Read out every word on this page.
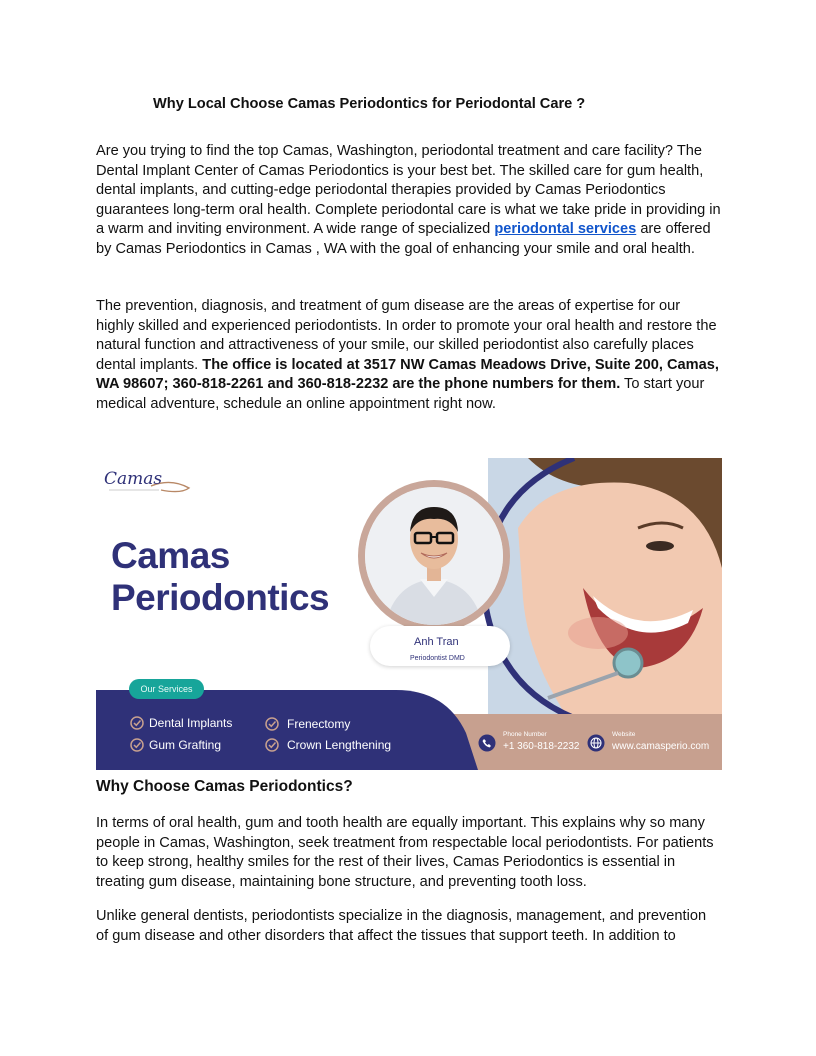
Why Local Choose Camas Periodontics for Periodontal Care ?

Are you trying to find the top Camas, Washington, periodontal treatment and care facility? The Dental Implant Center of Camas Periodontics is your best bet. The skilled care for gum health, dental implants, and cutting-edge periodontal therapies provided by Camas Periodontics guarantees long-term oral health. Complete periodontal care is what we take pride in providing in a warm and inviting environment. A wide range of specialized periodontal services are offered by Camas Periodontics in Camas , WA with the goal of enhancing your smile and oral health.

The prevention, diagnosis, and treatment of gum disease are the areas of expertise for our highly skilled and experienced periodontists. In order to promote your oral health and restore the natural function and attractiveness of your smile, our skilled periodontist also carefully places dental implants. The office is located at 3517 NW Camas Meadows Drive, Suite 200, Camas, WA 98607; 360-818-2261 and 360-818-2232 are the phone numbers for them. To start your medical adventure, schedule an online appointment right now.

Camas
Camas
Periodontics
Anh Tran
Periodontist DMD
Our Services
Dental Implants	Frenectomy
Gum Grafting	Crown Lengthening
Phone Number
+1 360-818-2232
Website
www.camasperio.com
Why Choose Camas Periodontics?

In terms of oral health, gum and tooth health are equally important. This explains why so many people in Camas, Washington, seek treatment from respectable local periodontists. For patients to keep strong, healthy smiles for the rest of their lives, Camas Periodontics is essential in treating gum disease, maintaining bone structure, and preventing tooth loss.

Unlike general dentists, periodontists specialize in the diagnosis, management, and prevention of gum disease and other disorders that affect the tissues that support teeth. In addition to
